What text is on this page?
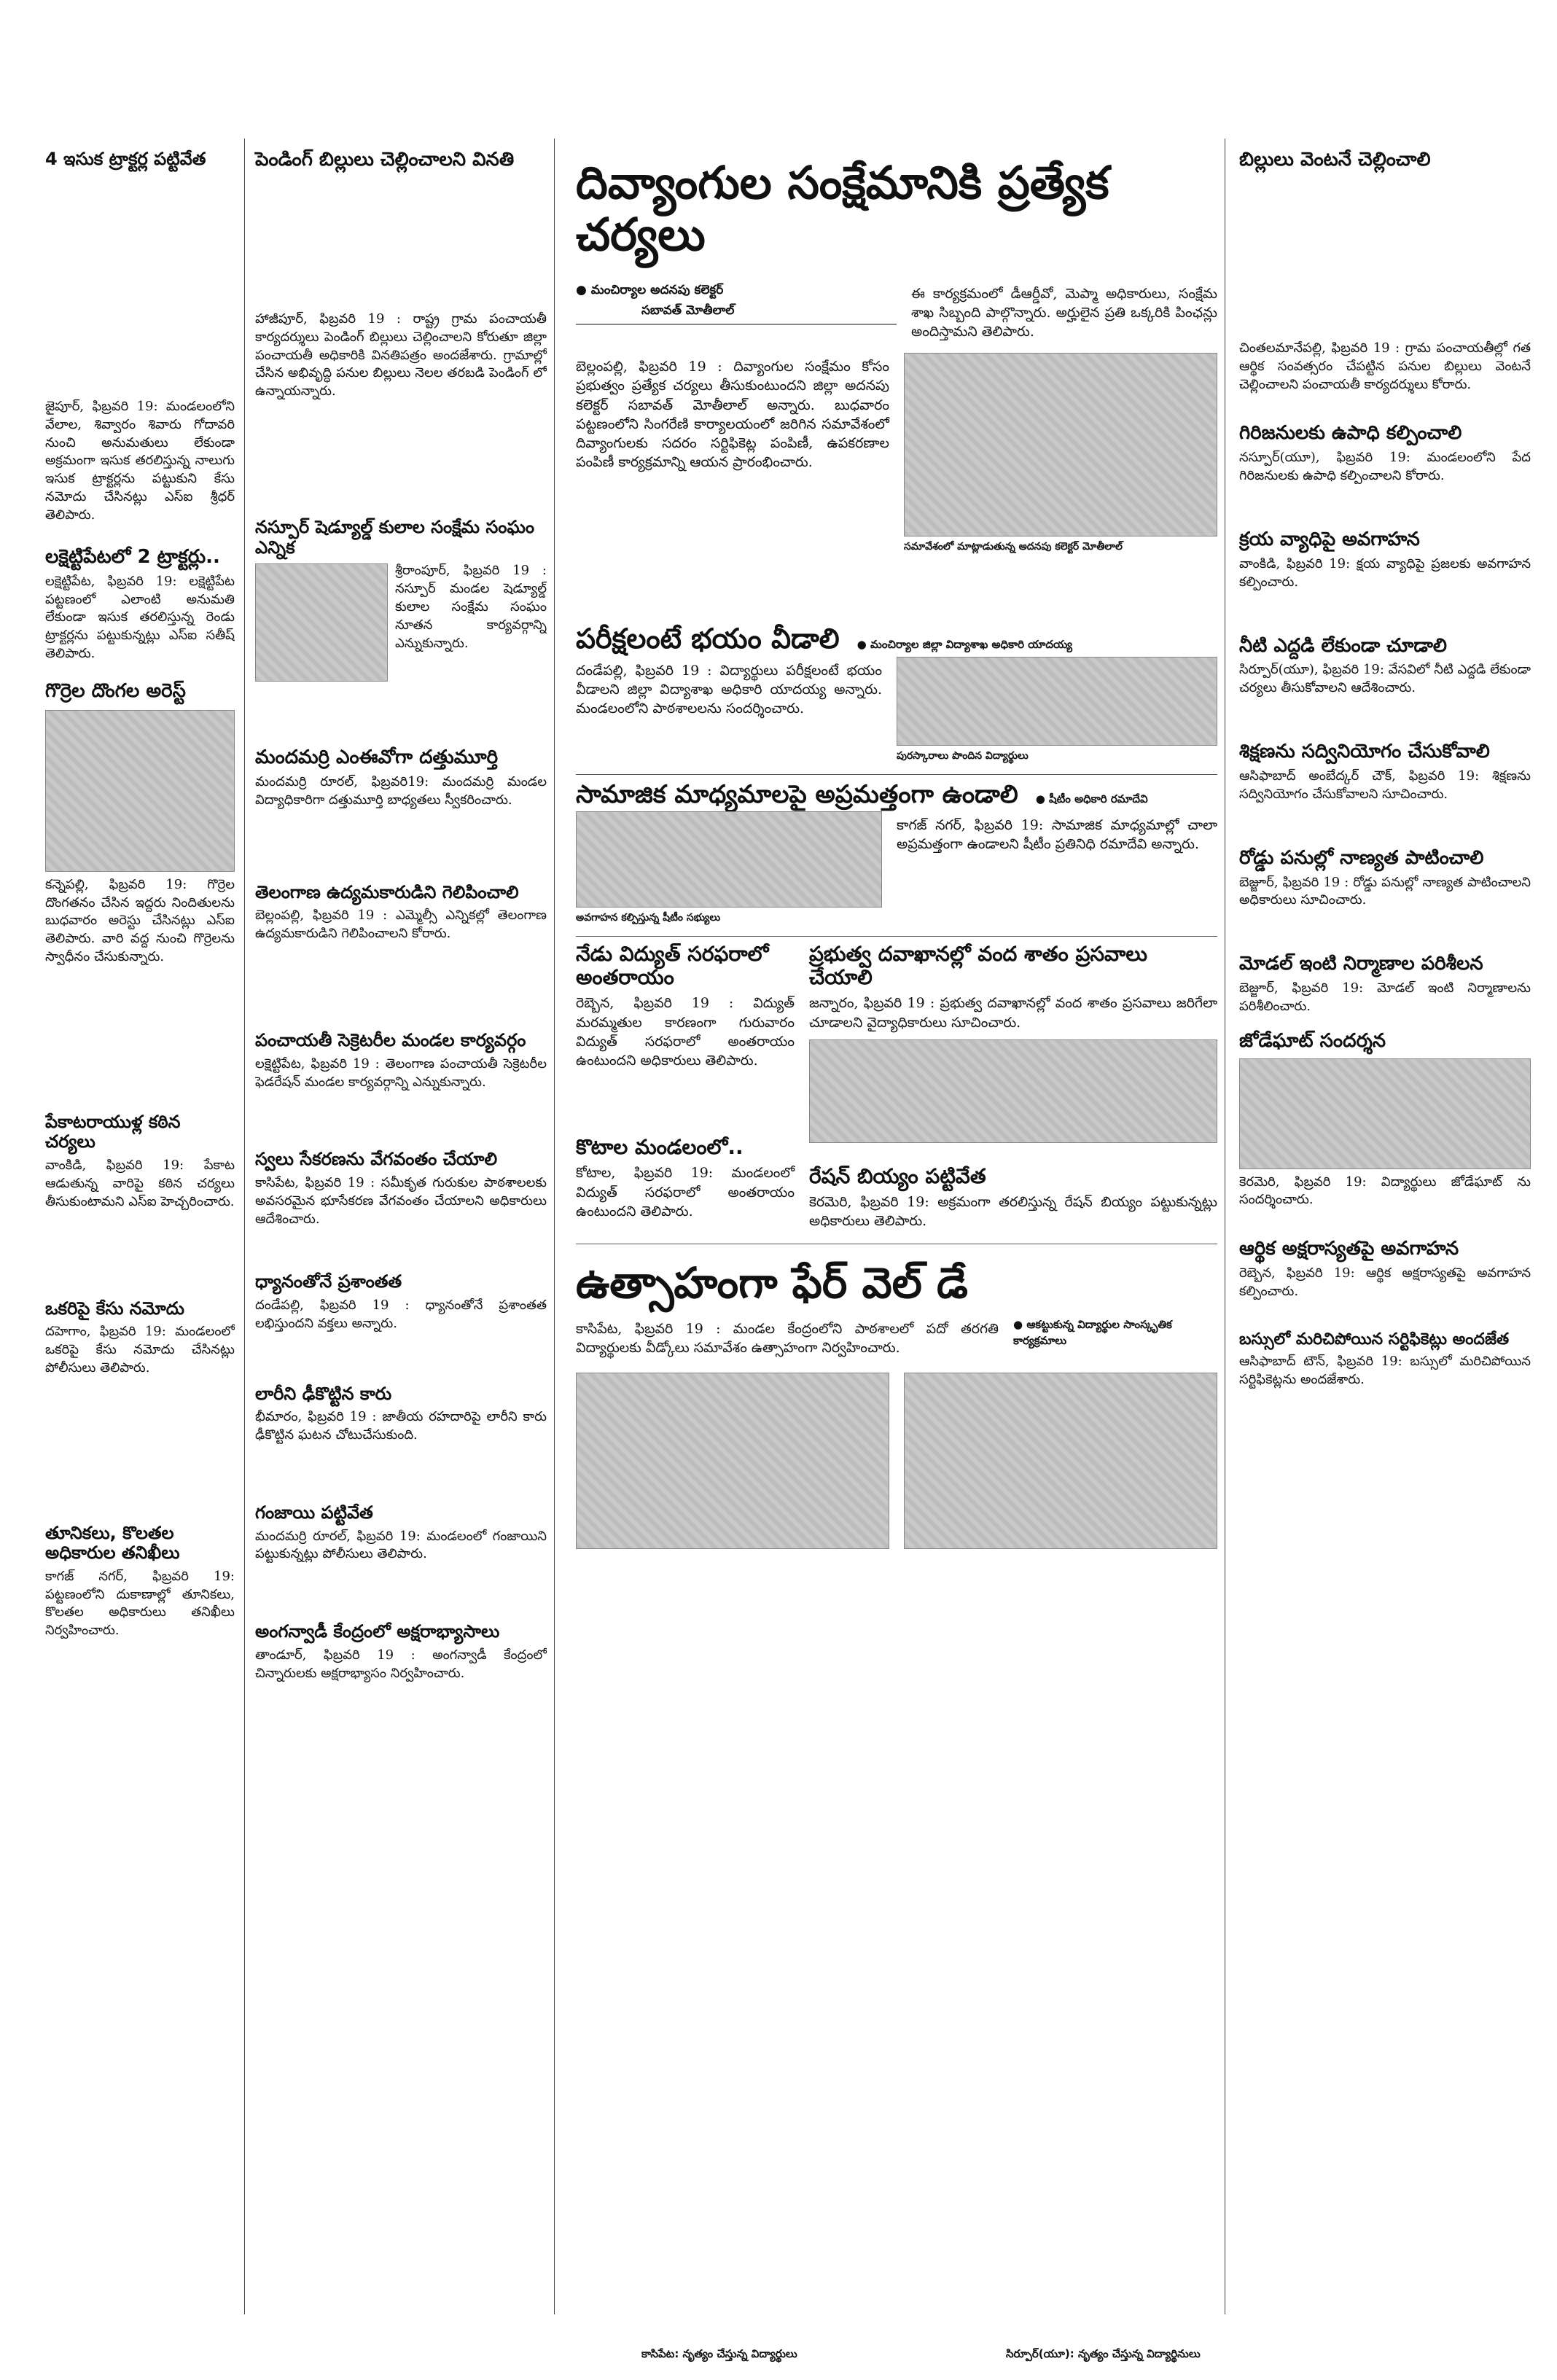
4 ఇసుక ట్రాక్టర్ల పట్టివేత	పెండింగ్ బిల్లులు చెల్లించాలని వినతి	బిల్లులు వెంటనే చెల్లించాలి
దివ్యాంగుల సంక్షేమానికి ప్రత్యేక చర్యలు
● మంచిర్యాల అదనపు కలెక్టర్
సబావత్ మోతీలాల్

ఈ కార్యక్రమంలో డీఆర్డీవో, మెప్మా అధికారులు, సంక్షేమ శాఖ సిబ్బంది పాల్గొన్నారు. అర్హులైన ప్రతి ఒక్కరికి పింఛన్లు అందిస్తామని తెలిపారు.

బెల్లంపల్లి, ఫిబ్రవరి 19 : దివ్యాంగుల సంక్షేమం కోసం ప్రభుత్వం ప్రత్యేక చర్యలు తీసుకుంటుందని జిల్లా అదనపు కలెక్టర్ సబావత్ మోతీలాల్ అన్నారు. బుధవారం పట్టణంలోని సింగరేణి కార్యాలయంలో జరిగిన సమావేశంలో దివ్యాంగులకు సదరం సర్టిఫికెట్ల పంపిణీ, ఉపకరణాల పంపిణీ కార్యక్రమాన్ని ఆయన ప్రారంభించారు.

సమావేశంలో మాట్లాడుతున్న అదనపు కలెక్టర్ మోతీలాల్

జైపూర్, ఫిబ్రవరి 19: మండలంలోని వేలాల, శివ్వారం శివారు గోదావరి నుంచి అనుమతులు లేకుండా అక్రమంగా ఇసుక తరలిస్తున్న నాలుగు ఇసుక ట్రాక్టర్లను పట్టుకుని కేసు నమోదు చేసినట్లు ఎస్ఐ శ్రీధర్ తెలిపారు.

లక్షెట్టిపేటలో 2 ట్రాక్టర్లు..

లక్షెట్టిపేట, ఫిబ్రవరి 19: లక్షెట్టిపేట పట్టణంలో ఎలాంటి అనుమతి లేకుండా ఇసుక తరలిస్తున్న రెండు ట్రాక్టర్లను పట్టుకున్నట్లు ఎస్ఐ సతీష్ తెలిపారు.

గొర్రెల దొంగల అరెస్ట్

కన్నెపల్లి, ఫిబ్రవరి 19: గొర్రెల దొంగతనం చేసిన ఇద్దరు నిందితులను బుధవారం అరెస్టు చేసినట్లు ఎస్ఐ తెలిపారు. వారి వద్ద నుంచి గొర్రెలను స్వాధీనం చేసుకున్నారు.

పేకాటరాయుళ్ల కఠిన చర్యలు

వాంకిడి, ఫిబ్రవరి 19: పేకాట ఆడుతున్న వారిపై కఠిన చర్యలు తీసుకుంటామని ఎస్ఐ హెచ్చరించారు.

ఒకరిపై కేసు నమోదు

దహెగాం, ఫిబ్రవరి 19: మండలంలో ఒకరిపై కేసు నమోదు చేసినట్లు పోలీసులు తెలిపారు.

తూనికలు, కొలతల అధికారుల తనిఖీలు

కాగజ్ నగర్, ఫిబ్రవరి 19: పట్టణంలోని దుకాణాల్లో తూనికలు, కొలతల అధికారులు తనిఖీలు నిర్వహించారు.

హాజీపూర్, ఫిబ్రవరి 19 : రాష్ట్ర గ్రామ పంచాయతీ కార్యదర్శులు పెండింగ్ బిల్లులు చెల్లించాలని కోరుతూ జిల్లా పంచాయతీ అధికారికి వినతిపత్రం అందజేశారు. గ్రామాల్లో చేసిన అభివృద్ధి పనుల బిల్లులు నెలల తరబడి పెండింగ్ లో ఉన్నాయన్నారు.

నస్పూర్ షెడ్యూల్డ్ కులాల సంక్షేమ సంఘం ఎన్నిక

శ్రీరాంపూర్, ఫిబ్రవరి 19 : నస్పూర్ మండల షెడ్యూల్డ్ కులాల సంక్షేమ సంఘం నూతన కార్యవర్గాన్ని ఎన్నుకున్నారు.

మందమర్రి ఎంఈవోగా దత్తుమూర్తి

మందమర్రి రూరల్, ఫిబ్రవరి19: మందమర్రి మండల విద్యాధికారిగా దత్తుమూర్తి బాధ్యతలు స్వీకరించారు.

తెలంగాణ ఉద్యమకారుడిని గెలిపించాలి

బెల్లంపల్లి, ఫిబ్రవరి 19 : ఎమ్మెల్సీ ఎన్నికల్లో తెలంగాణ ఉద్యమకారుడిని గెలిపించాలని కోరారు.

పంచాయతీ సెక్రెటరీల మండల కార్యవర్గం

లక్షెట్టిపేట, ఫిబ్రవరి 19 : తెలంగాణ పంచాయతీ సెక్రెటరీల ఫెడరేషన్ మండల కార్యవర్గాన్ని ఎన్నుకున్నారు.

స్వలు సేకరణను వేగవంతం చేయాలి

కాసిపేట, ఫిబ్రవరి 19 : సమీకృత గురుకుల పాఠశాలలకు అవసరమైన భూసేకరణ వేగవంతం చేయాలని అధికారులు ఆదేశించారు.

ధ్యానంతోనే ప్రశాంతత

దండేపల్లి, ఫిబ్రవరి 19 : ధ్యానంతోనే ప్రశాంతత లభిస్తుందని వక్తలు అన్నారు.

లారీని ఢీకొట్టిన కారు

భీమారం, ఫిబ్రవరి 19 : జాతీయ రహదారిపై లారీని కారు ఢీకొట్టిన ఘటన చోటుచేసుకుంది.

గంజాయి పట్టివేత

మందమర్రి రూరల్, ఫిబ్రవరి 19: మండలంలో గంజాయిని పట్టుకున్నట్లు పోలీసులు తెలిపారు.

అంగన్వాడీ కేంద్రంలో అక్షరాభ్యాసాలు

తాండూర్, ఫిబ్రవరి 19 : అంగన్వాడీ కేంద్రంలో చిన్నారులకు అక్షరాభ్యాసం నిర్వహించారు.

పరీక్షలంటే భయం వీడాలి	● మంచిర్యాల జిల్లా విద్యాశాఖ అధికారి యాదయ్య

దండేపల్లి, ఫిబ్రవరి 19 : విద్యార్థులు పరీక్షలంటే భయం వీడాలని జిల్లా విద్యాశాఖ అధికారి యాదయ్య అన్నారు. మండలంలోని పాఠశాలలను సందర్శించారు.

పురస్కారాలు పొందిన విద్యార్థులు
సామాజిక మాధ్యమాలపై అప్రమత్తంగా ఉండాలి	● షీటీం అధికారి రమాదేవి
అవగాహన కల్పిస్తున్న షీటీం సభ్యులు

కాగజ్ నగర్, ఫిబ్రవరి 19: సామాజిక మాధ్యమాల్లో చాలా అప్రమత్తంగా ఉండాలని షీటీం ప్రతినిధి రమాదేవి అన్నారు.

నేడు విద్యుత్ సరఫరాలో అంతరాయం

రెబ్బెన, ఫిబ్రవరి 19 : విద్యుత్ మరమ్మతుల కారణంగా గురువారం విద్యుత్ సరఫరాలో అంతరాయం ఉంటుందని అధికారులు తెలిపారు.

కొటాల మండలంలో..

కోటాల, ఫిబ్రవరి 19: మండలంలో విద్యుత్ సరఫరాలో అంతరాయం ఉంటుందని తెలిపారు.

ప్రభుత్వ దవాఖానల్లో వంద శాతం ప్రసవాలు చేయాలి

జన్నారం, ఫిబ్రవరి 19 : ప్రభుత్వ దవాఖానల్లో వంద శాతం ప్రసవాలు జరిగేలా చూడాలని వైద్యాధికారులు సూచించారు.

రేషన్ బియ్యం పట్టివేత

కెరమెరి, ఫిబ్రవరి 19: అక్రమంగా తరలిస్తున్న రేషన్ బియ్యం పట్టుకున్నట్లు అధికారులు తెలిపారు.

ఉత్సాహంగా ఫేర్ వెల్ డే

కాసిపేట, ఫిబ్రవరి 19 : మండల కేంద్రంలోని పాఠశాలలో పదో తరగతి విద్యార్థులకు వీడ్కోలు సమావేశం ఉత్సాహంగా నిర్వహించారు.

● ఆకట్టుకున్న విద్యార్థుల సాంస్కృతిక కార్యక్రమాలు

చింతలమానేపల్లి, ఫిబ్రవరి 19 : గ్రామ పంచాయతీల్లో గత ఆర్థిక సంవత్సరం చేపట్టిన పనుల బిల్లులు వెంటనే చెల్లించాలని పంచాయతీ కార్యదర్శులు కోరారు.

గిరిజనులకు ఉపాధి కల్పించాలి

నస్పూర్(యూ), ఫిబ్రవరి 19: మండలంలోని పేద గిరిజనులకు ఉపాధి కల్పించాలని కోరారు.

క్రయ వ్యాధిపై అవగాహన

వాంకిడి, ఫిబ్రవరి 19: క్షయ వ్యాధిపై ప్రజలకు అవగాహన కల్పించారు.

నీటి ఎద్దడి లేకుండా చూడాలి

సిర్పూర్(యూ), ఫిబ్రవరి 19: వేసవిలో నీటి ఎద్దడి లేకుండా చర్యలు తీసుకోవాలని ఆదేశించారు.

శిక్షణను సద్వినియోగం చేసుకోవాలి

ఆసిఫాబాద్ అంబేద్కర్ చౌక్, ఫిబ్రవరి 19: శిక్షణను సద్వినియోగం చేసుకోవాలని సూచించారు.

రోడ్డు పనుల్లో నాణ్యత పాటించాలి

బెజ్జూర్, ఫిబ్రవరి 19 : రోడ్డు పనుల్లో నాణ్యత పాటించాలని అధికారులు సూచించారు.

మోడల్ ఇంటి నిర్మాణాల పరిశీలన

బెజ్జూర్, ఫిబ్రవరి 19: మోడల్ ఇంటి నిర్మాణాలను పరిశీలించారు.

జోడేఘాట్ సందర్శన

కెరమెరి, ఫిబ్రవరి 19: విద్యార్థులు జోడేఘాట్ ను సందర్శించారు.

ఆర్థిక అక్షరాస్యతపై అవగాహన

రెబ్బెన, ఫిబ్రవరి 19: ఆర్థిక అక్షరాస్యతపై అవగాహన కల్పించారు.

బస్సులో మరిచిపోయిన సర్టిఫికెట్లు అందజేత

ఆసిఫాబాద్ టౌన్, ఫిబ్రవరి 19: బస్సులో మరిచిపోయిన సర్టిఫికెట్లను అందజేశారు.

కాసిపేట: నృత్యం చేస్తున్న విద్యార్థులు	సిర్పూర్(యూ): నృత్యం చేస్తున్న విద్యార్థినులు
